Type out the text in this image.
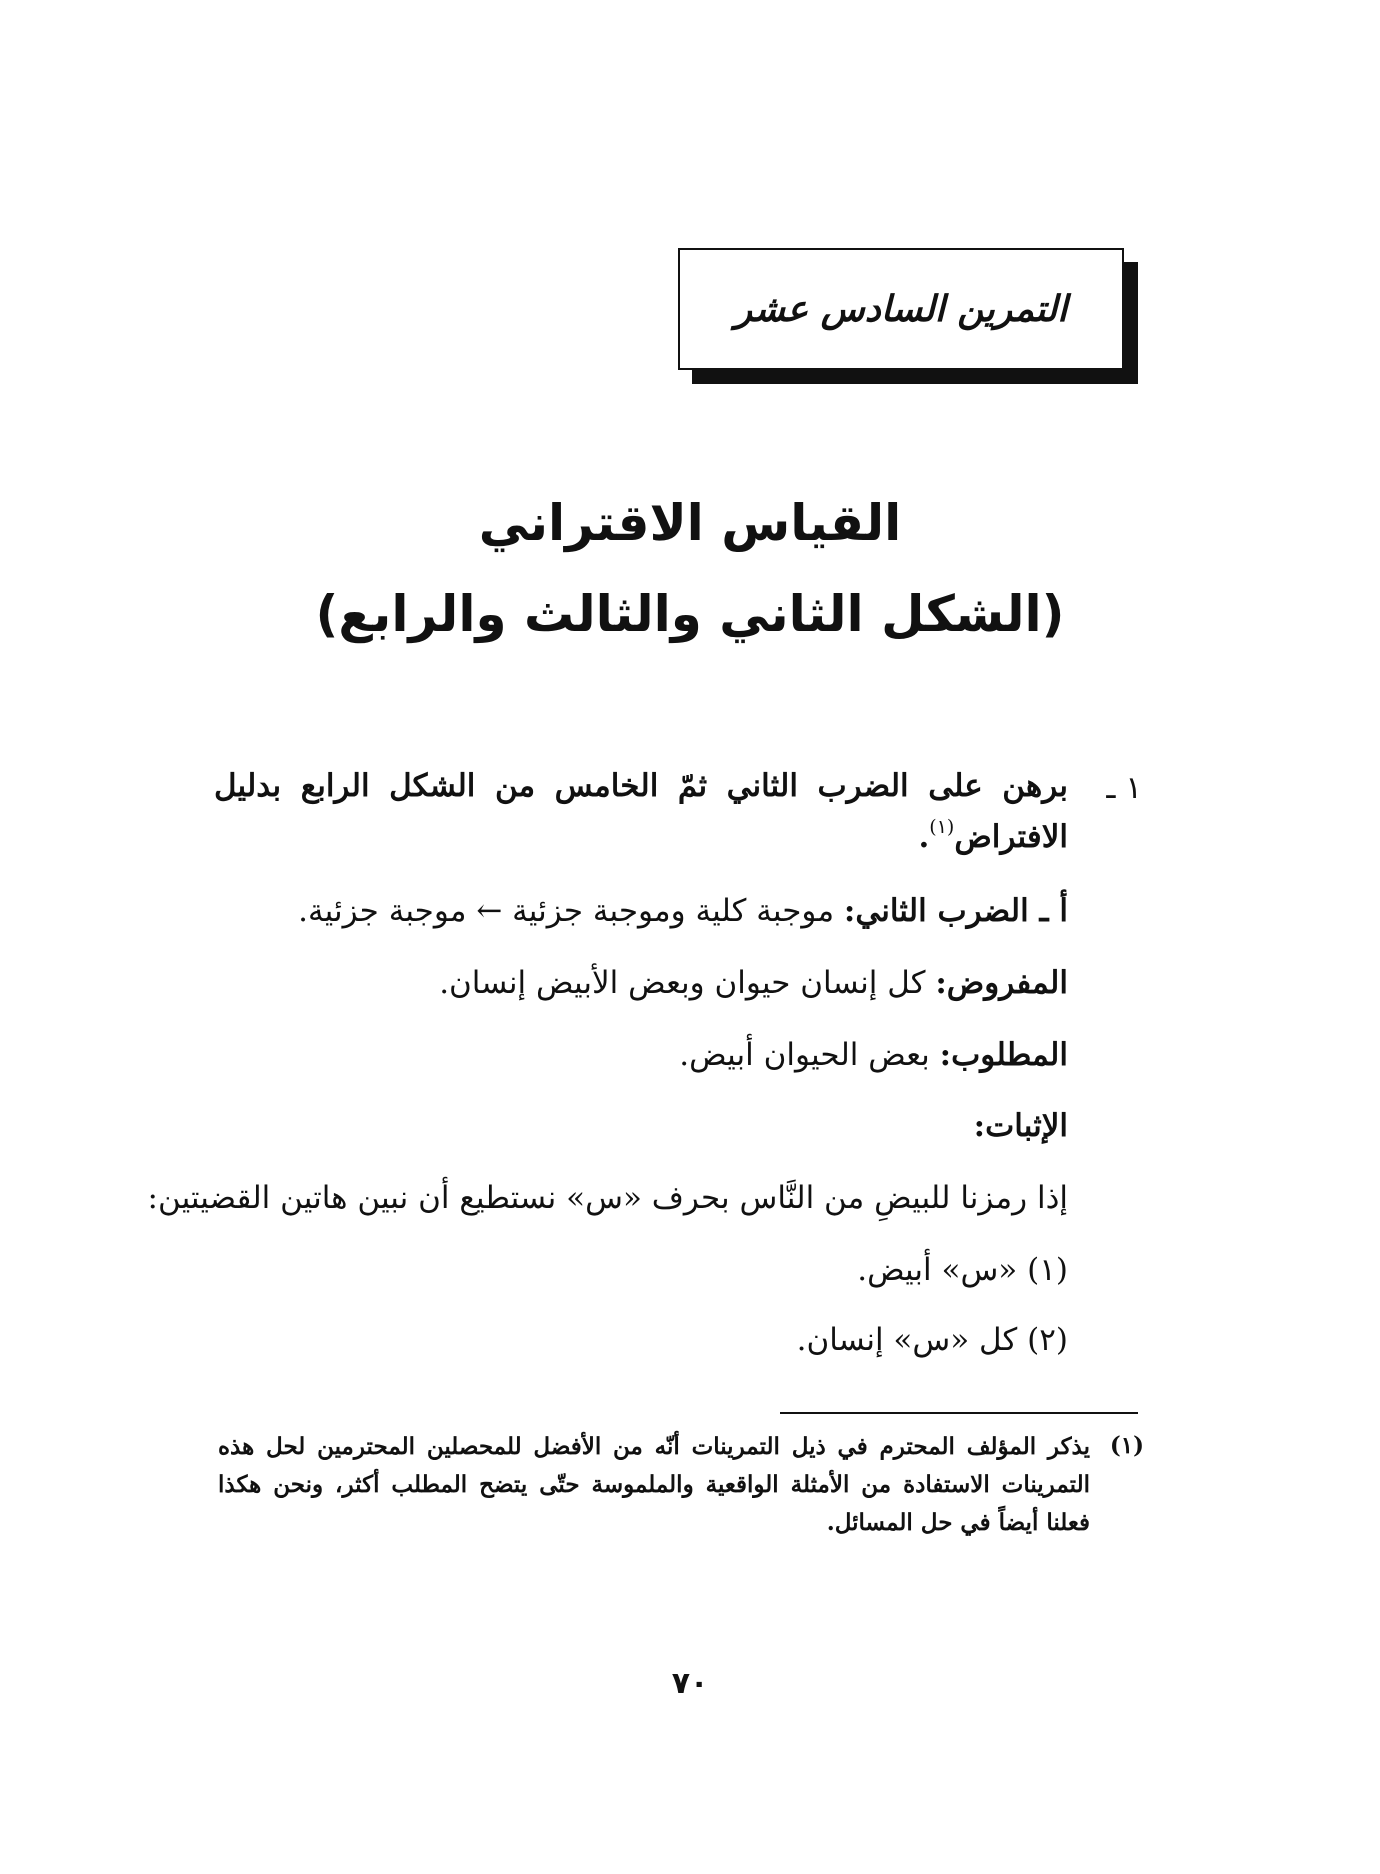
التمرين السادس عشر
القياس الاقتراني
(الشكل الثاني والثالث والرابع)
١ ـ
برهن على الضرب الثاني ثمّ الخامس من الشكل الرابع بدليل
الافتراض$^{(١)}$.
أ ـ الضرب الثاني: موجبة كلية وموجبة جزئية ← موجبة جزئية.
المفروض: كل إنسان حيوان وبعض الأبيض إنسان.
المطلوب: بعض الحيوان أبيض.
الإثبات:
إذا رمزنا للبيضِ من النَّاس بحرف «س» نستطيع أن نبين هاتين القضيتين:
(١) «س» أبيض.
(٢) كل «س» إنسان.
(١)
يذكر المؤلف المحترم في ذيل التمرينات أنّه من الأفضل للمحصلين المحترمين لحل هذه التمرينات الاستفادة من الأمثلة الواقعية والملموسة حتّى يتضح المطلب أكثر، ونحن هكذا فعلنا أيضاً في حل المسائل.
٧٠
